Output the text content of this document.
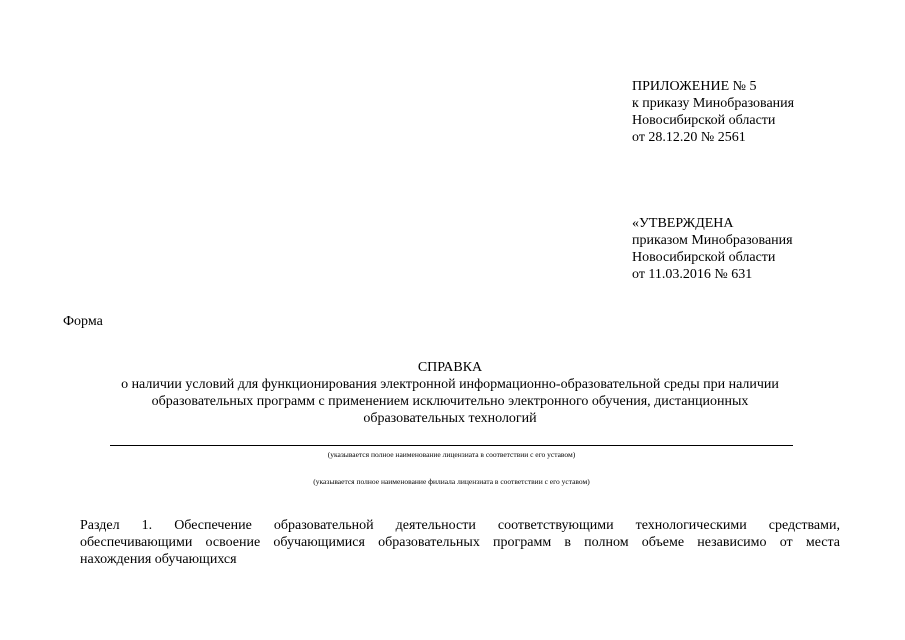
ПРИЛОЖЕНИЕ № 5
к приказу Минобразования
Новосибирской области
от 28.12.20 № 2561
«УТВЕРЖДЕНА
приказом Минобразования
Новосибирской области
от 11.03.2016 № 631
Форма
СПРАВКА
о наличии условий для функционирования электронной информационно-образовательной среды при наличии
образовательных программ с применением исключительно электронного обучения, дистанционных
образовательных технологий
(указывается полное наименование лицензиата в соответствии с его уставом)
(указывается полное наименование филиала лицензиата в соответствии с его уставом)
Раздел 1. Обеспечение образовательной деятельности соответствующими технологическими средствами,
обеспечивающими освоение обучающимися образовательных программ в полном объеме независимо от места
нахождения обучающихся
